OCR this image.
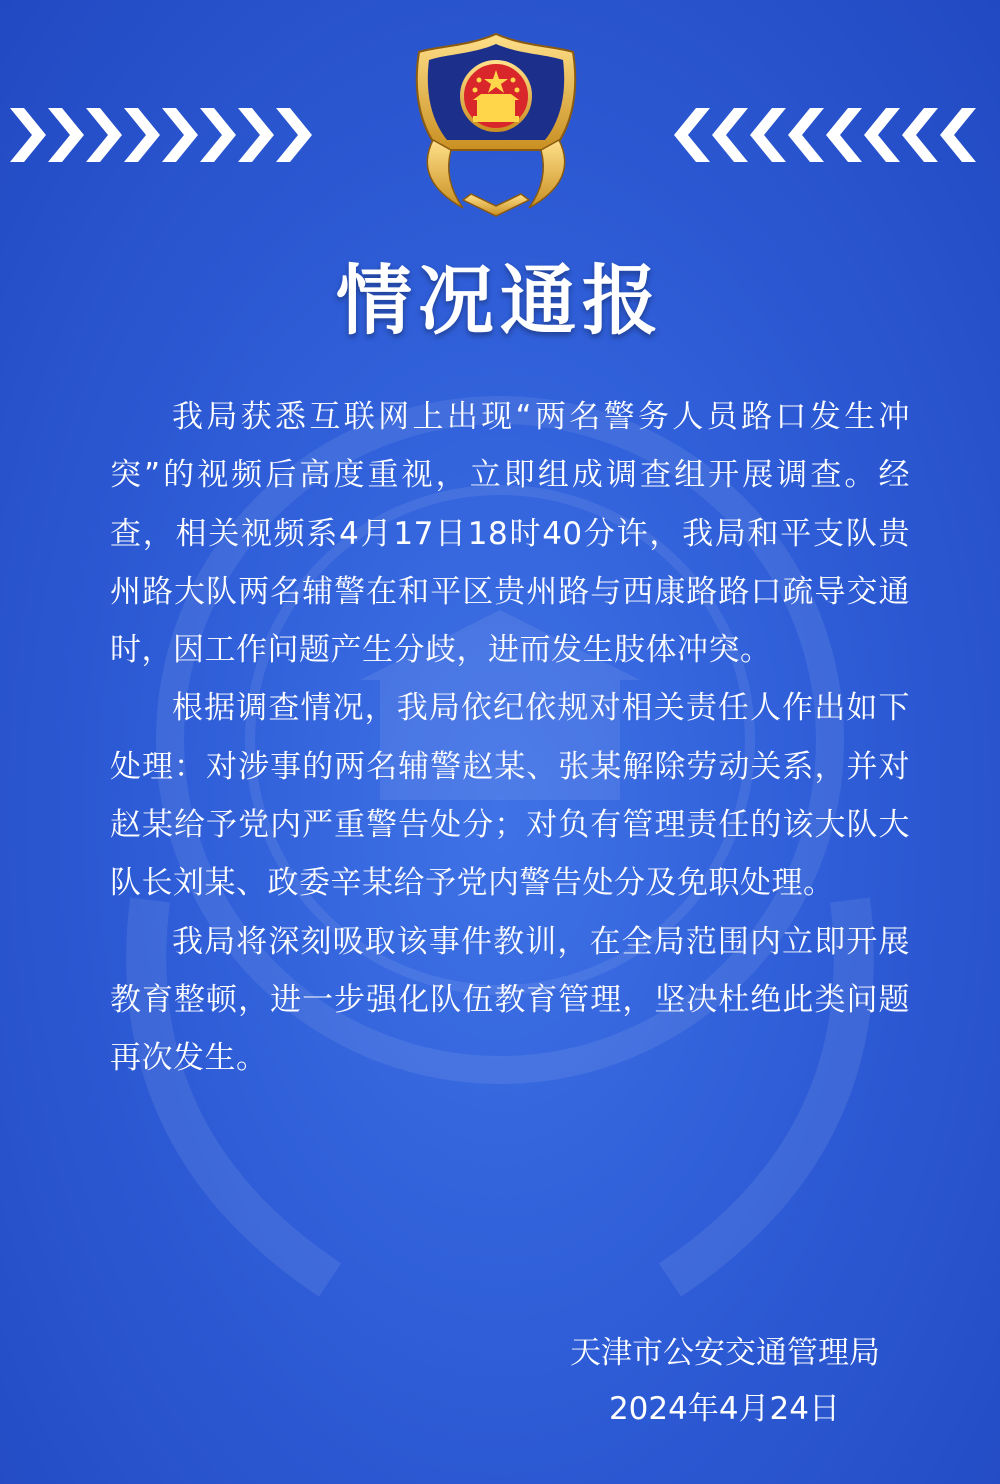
情况通报

我局获悉互联网上出现“两名警务人员路口发生冲突”的视频后高度重视，立即组成调查组开展调查。经查，相关视频系4月17日18时40分许，我局和平支队贵州路大队两名辅警在和平区贵州路与西康路路口疏导交通时，因工作问题产生分歧，进而发生肢体冲突。

根据调查情况，我局依纪依规对相关责任人作出如下处理：对涉事的两名辅警赵某、张某解除劳动关系，并对赵某给予党内严重警告处分；对负有管理责任的该大队大队长刘某、政委辛某给予党内警告处分及免职处理。

我局将深刻吸取该事件教训，在全局范围内立即开展教育整顿，进一步强化队伍教育管理，坚决杜绝此类问题再次发生。

天津市公安交通管理局
2024年4月24日
